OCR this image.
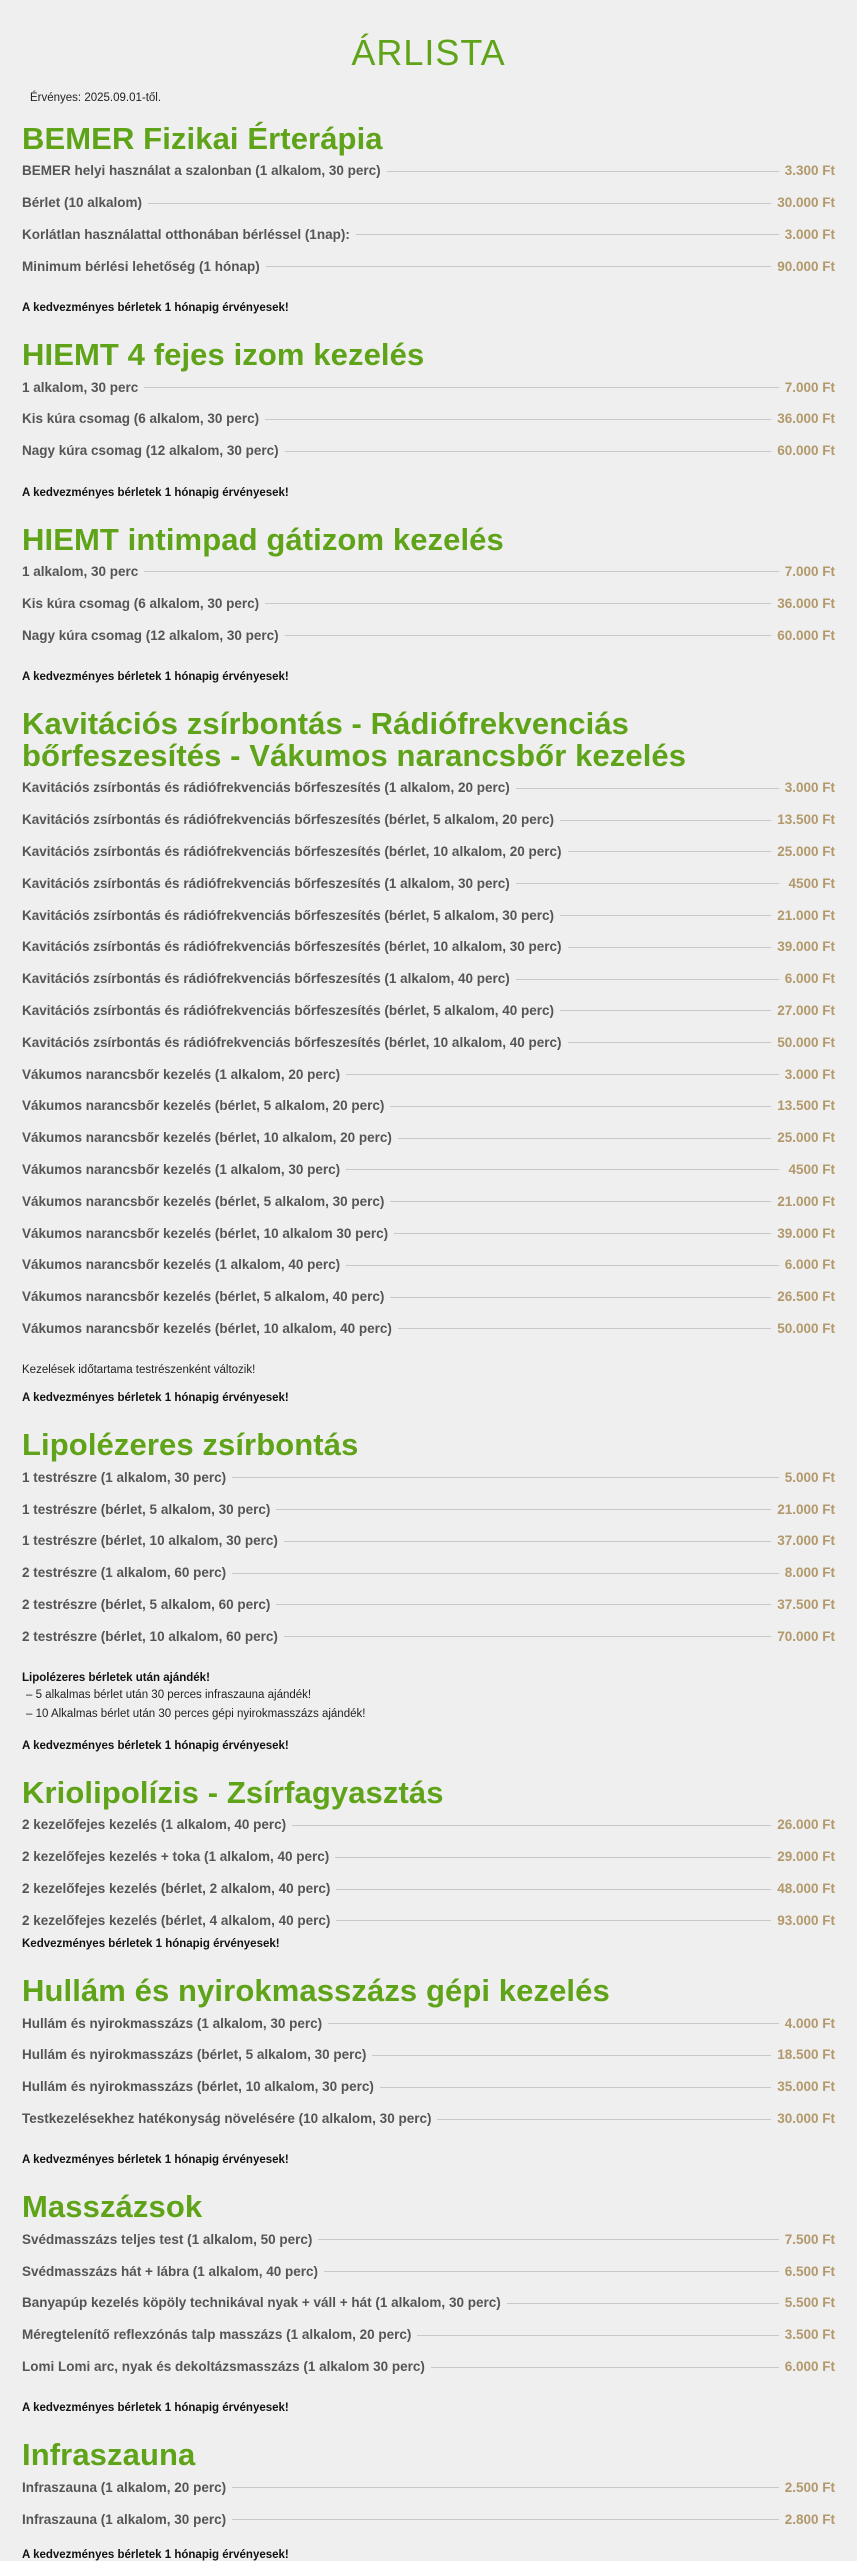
ÁRLISTA
Érvényes: 2025.09.01-től.
BEMER Fizikai Érterápia
BEMER helyi használat a szalonban (1 alkalom, 30 perc)	3.300 Ft
Bérlet (10 alkalom)	30.000 Ft
Korlátlan használattal otthonában bérléssel (1nap):	3.000 Ft
Minimum bérlési lehetőség (1 hónap)	90.000 Ft
A kedvezményes bérletek 1 hónapig érvényesek!
HIEMT 4 fejes izom kezelés
1 alkalom, 30 perc	7.000 Ft
Kis kúra csomag (6 alkalom, 30 perc)	36.000 Ft
Nagy kúra csomag (12 alkalom, 30 perc)	60.000 Ft
A kedvezményes bérletek 1 hónapig érvényesek!
HIEMT intimpad gátizom kezelés
1 alkalom, 30 perc	7.000 Ft
Kis kúra csomag (6 alkalom, 30 perc)	36.000 Ft
Nagy kúra csomag (12 alkalom, 30 perc)	60.000 Ft
A kedvezményes bérletek 1 hónapig érvényesek!
Kavitációs zsírbontás - Rádiófrekvenciás bőrfeszesítés - Vákumos narancsbőr kezelés
Kavitációs zsírbontás és rádiófrekvenciás bőrfeszesítés (1 alkalom, 20 perc)	3.000 Ft
Kavitációs zsírbontás és rádiófrekvenciás bőrfeszesítés (bérlet, 5 alkalom, 20 perc)	13.500 Ft
Kavitációs zsírbontás és rádiófrekvenciás bőrfeszesítés (bérlet, 10 alkalom, 20 perc)	25.000 Ft
Kavitációs zsírbontás és rádiófrekvenciás bőrfeszesítés (1 alkalom, 30 perc)	4500 Ft
Kavitációs zsírbontás és rádiófrekvenciás bőrfeszesítés (bérlet, 5 alkalom, 30 perc)	21.000 Ft
Kavitációs zsírbontás és rádiófrekvenciás bőrfeszesítés (bérlet, 10 alkalom, 30 perc)	39.000 Ft
Kavitációs zsírbontás és rádiófrekvenciás bőrfeszesítés (1 alkalom, 40 perc)	6.000 Ft
Kavitációs zsírbontás és rádiófrekvenciás bőrfeszesítés (bérlet, 5 alkalom, 40 perc)	27.000 Ft
Kavitációs zsírbontás és rádiófrekvenciás bőrfeszesítés (bérlet, 10 alkalom, 40 perc)	50.000 Ft
Vákumos narancsbőr kezelés (1 alkalom, 20 perc)	3.000 Ft
Vákumos narancsbőr kezelés (bérlet, 5 alkalom, 20 perc)	13.500 Ft
Vákumos narancsbőr kezelés (bérlet, 10 alkalom, 20 perc)	25.000 Ft
Vákumos narancsbőr kezelés (1 alkalom, 30 perc)	4500 Ft
Vákumos narancsbőr kezelés (bérlet, 5 alkalom, 30 perc)	21.000 Ft
Vákumos narancsbőr kezelés (bérlet, 10 alkalom 30 perc)	39.000 Ft
Vákumos narancsbőr kezelés (1 alkalom, 40 perc)	6.000 Ft
Vákumos narancsbőr kezelés (bérlet, 5 alkalom, 40 perc)	26.500 Ft
Vákumos narancsbőr kezelés (bérlet, 10 alkalom, 40 perc)	50.000 Ft
Kezelések időtartama testrészenként változik!
A kedvezményes bérletek 1 hónapig érvényesek!
Lipolézeres zsírbontás
1 testrészre (1 alkalom, 30 perc)	5.000 Ft
1 testrészre (bérlet, 5 alkalom, 30 perc)	21.000 Ft
1 testrészre (bérlet, 10 alkalom, 30 perc)	37.000 Ft
2 testrészre (1 alkalom, 60 perc)	8.000 Ft
2 testrészre (bérlet, 5 alkalom, 60 perc)	37.500 Ft
2 testrészre (bérlet, 10 alkalom, 60 perc)	70.000 Ft
Lipolézeres bérletek után ajándék!
– 5 alkalmas bérlet után 30 perces infraszauna ajándék!
– 10 Alkalmas bérlet után 30 perces gépi nyirokmasszázs ajándék!
A kedvezményes bérletek 1 hónapig érvényesek!
Kriolipolízis - Zsírfagyasztás
2 kezelőfejes kezelés (1 alkalom, 40 perc)	26.000 Ft
2 kezelőfejes kezelés + toka (1 alkalom, 40 perc)	29.000 Ft
2 kezelőfejes kezelés (bérlet, 2 alkalom, 40 perc)	48.000 Ft
2 kezelőfejes kezelés (bérlet, 4 alkalom, 40 perc)	93.000 Ft
Kedvezményes bérletek 1 hónapig érvényesek!
Hullám és nyirokmasszázs gépi kezelés
Hullám és nyirokmasszázs (1 alkalom, 30 perc)	4.000 Ft
Hullám és nyirokmasszázs (bérlet, 5 alkalom, 30 perc)	18.500 Ft
Hullám és nyirokmasszázs (bérlet, 10 alkalom, 30 perc)	35.000 Ft
Testkezelésekhez hatékonyság növelésére (10 alkalom, 30 perc)	30.000 Ft
A kedvezményes bérletek 1 hónapig érvényesek!
Masszázsok
Svédmasszázs teljes test (1 alkalom, 50 perc)	7.500 Ft
Svédmasszázs hát + lábra (1 alkalom, 40 perc)	6.500 Ft
Banyapúp kezelés köpöly technikával nyak + váll + hát (1 alkalom, 30 perc)	5.500 Ft
Méregtelenítő reflexzónás talp masszázs (1 alkalom, 20 perc)	3.500 Ft
Lomi Lomi arc, nyak és dekoltázsmasszázs (1 alkalom 30 perc)	6.000 Ft
A kedvezményes bérletek 1 hónapig érvényesek!
Infraszauna
Infraszauna (1 alkalom, 20 perc)	2.500 Ft
Infraszauna (1 alkalom, 30 perc)	2.800 Ft
A kedvezményes bérletek 1 hónapig érvényesek!
